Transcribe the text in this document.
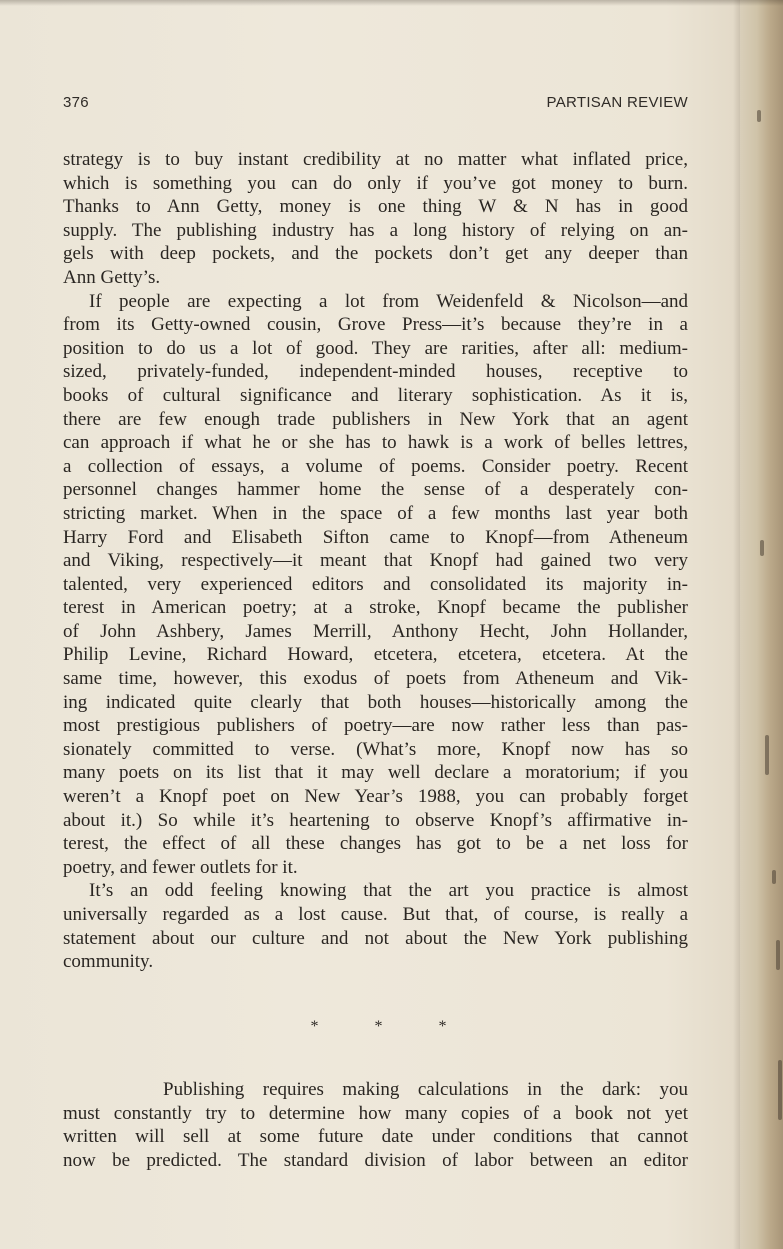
376	PARTISAN REVIEW
strategy is to buy instant credibility at no matter what inflated price,
which is something you can do only if you’ve got money to burn.
Thanks to Ann Getty, money is one thing W & N has in good
supply. The publishing industry has a long history of relying on an-
gels with deep pockets, and the pockets don’t get any deeper than
Ann Getty’s.
If people are expecting a lot from Weidenfeld & Nicolson—and
from its Getty-owned cousin, Grove Press—it’s because they’re in a
position to do us a lot of good. They are rarities, after all: medium-
sized, privately-funded, independent-minded houses, receptive to
books of cultural significance and literary sophistication. As it is,
there are few enough trade publishers in New York that an agent
can approach if what he or she has to hawk is a work of belles lettres,
a collection of essays, a volume of poems. Consider poetry. Recent
personnel changes hammer home the sense of a desperately con-
stricting market. When in the space of a few months last year both
Harry Ford and Elisabeth Sifton came to Knopf—from Atheneum
and Viking, respectively—it meant that Knopf had gained two very
talented, very experienced editors and consolidated its majority in-
terest in American poetry; at a stroke, Knopf became the publisher
of John Ashbery, James Merrill, Anthony Hecht, John Hollander,
Philip Levine, Richard Howard, etcetera, etcetera, etcetera. At the
same time, however, this exodus of poets from Atheneum and Vik-
ing indicated quite clearly that both houses—historically among the
most prestigious publishers of poetry—are now rather less than pas-
sionately committed to verse. (What’s more, Knopf now has so
many poets on its list that it may well declare a moratorium; if you
weren’t a Knopf poet on New Year’s 1988, you can probably forget
about it.) So while it’s heartening to observe Knopf’s affirmative in-
terest, the effect of all these changes has got to be a net loss for
poetry, and fewer outlets for it.
It’s an odd feeling knowing that the art you practice is almost
universally regarded as a lost cause. But that, of course, is really a
statement about our culture and not about the New York publishing
community.
* * *
Publishing requires making calculations in the dark: you
must constantly try to determine how many copies of a book not yet
written will sell at some future date under conditions that cannot
now be predicted. The standard division of labor between an editor
